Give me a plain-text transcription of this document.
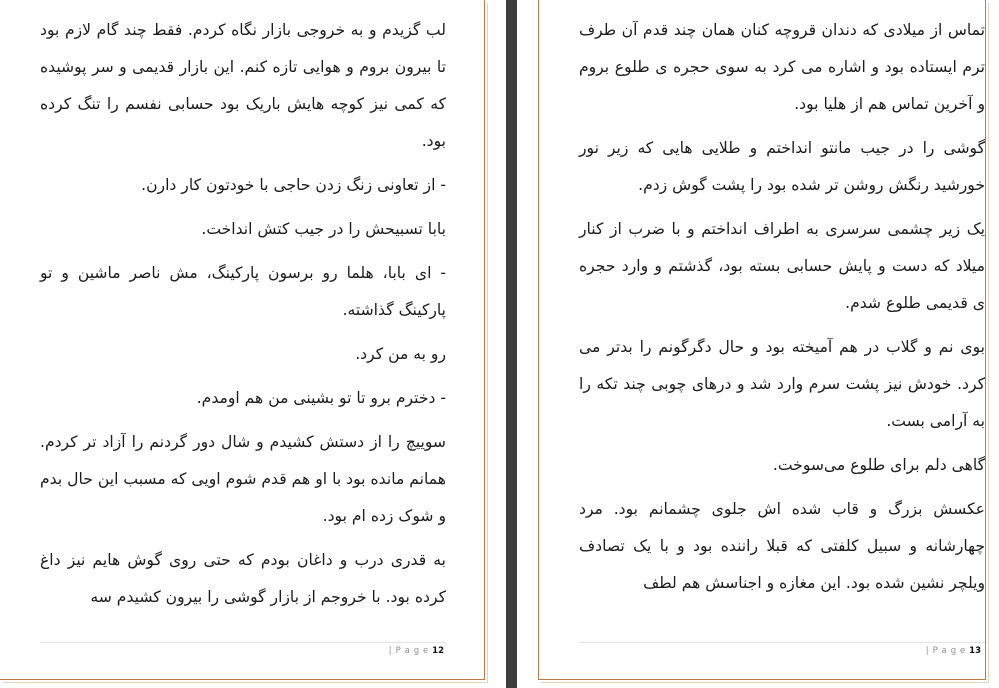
لب گزیدم و به خروجی بازار نگاه کردم. فقط چند گام لازم بود تا بیرون بروم و هوایی تازه کنم. این بازار قدیمی و سر پوشیده که کمی نیز کوچه هایش باریک بود حسابی نفسم را تنگ کرده بود.

- از تعاونی زنگ زدن حاجی با خودتون کار دارن.

بابا تسبیحش را در جیب کتش انداخت.

- ای بابا، هلما رو برسون پارکینگ، مش ناصر ماشین و تو پارکینگ گذاشته.

رو به من کرد.

- دخترم برو تا تو بشینی من هم اومدم.

سوییچ را از دستش کشیدم و شال دور گردنم را آزاد تر کردم. همانم مانده بود با او هم قدم شوم اویی که مسبب این حال بدم و شوک زده ام بود.

به قدری درب و داغان بودم که حتی روی گوش هایم نیز داغ کرده بود. با خروجم از بازار گوشی را بیرون کشیدم سه

| P a g e 12

تماس از میلادی که دندان قروچه کنان همان چند قدم آن طرف ترم ایستاده بود و اشاره می کرد به سوی حجره ی طلوع بروم و آخرین تماس هم از هلیا بود.

گوشی را در جیب مانتو انداختم و طلایی هایی که زیر نور خورشید رنگش روشن تر شده بود را پشت گوش زدم.

یک زیر چشمی سرسری به اطراف انداختم و با ضرب از کنار میلاد که دست و پایش حسابی بسته بود، گذشتم و وارد حجره ی قدیمی طلوع شدم.

بوی نم و گلاب در هم آمیخته بود و حال دگرگونم را بدتر می کرد. خودش نیز پشت سرم وارد شد و درهای چوبی چند تکه را به آرامی بست.

گاهی دلم برای طلوع می‌سوخت.

عکسش بزرگ و قاب شده اش جلوی چشمانم بود. مرد چهارشانه و سبیل کلفتی که قبلا راننده بود و با یک تصادف ویلچر نشین شده بود. این مغازه و اجناسش هم لطف

| P a g e 13
